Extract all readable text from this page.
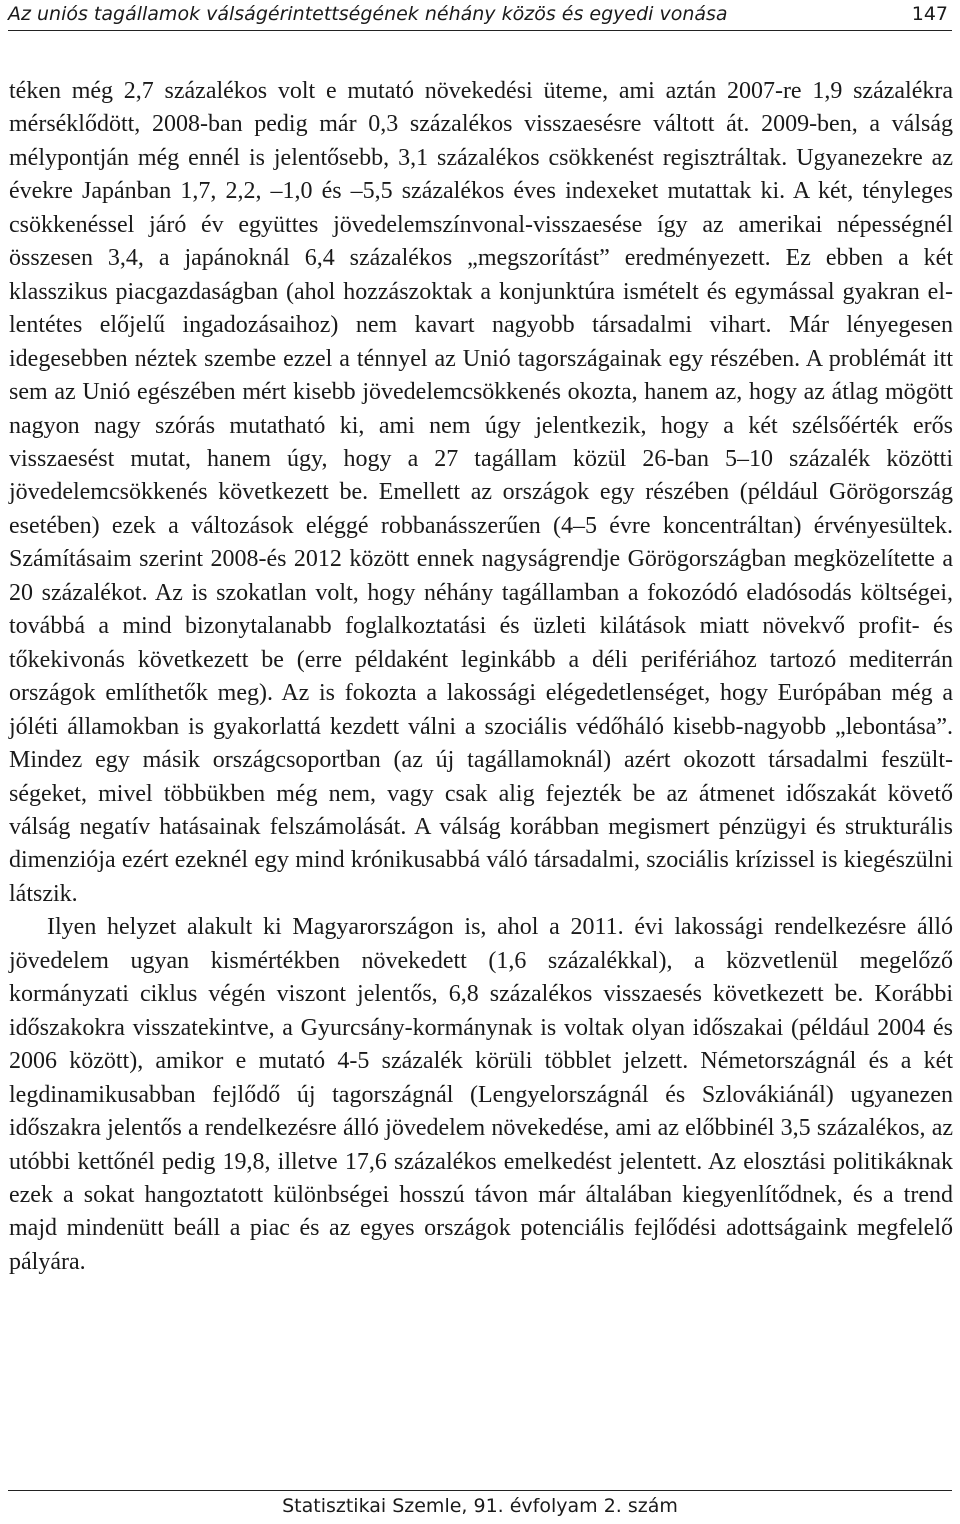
Az uniós tagállamok válságérintettségének néhány közös és egyedi vonása	147

téken még 2,7 százalékos volt e mutató növekedési üteme, ami aztán 2007-re 1,9 százalékra mérséklődött, 2008-ban pedig már 0,3 százalékos visszaesésre váltott át. 2009-ben, a válság mélypontján még ennél is jelentősebb, 3,1 százalékos csökkenést regisztráltak. Ugyanezekre az évekre Japánban 1,7, 2,2, –1,0 és –5,5 százalékos éves indexeket mutattak ki. A két, tényleges csökkenéssel járó év együttes jövedelemszínvonal-visszaesése így az amerikai népességnél összesen 3,4, a japánoknál 6,4 százalékos „megszorítást” eredményezett. Ez ebben a két klasszikus piacgazdaságban (ahol hozzászoktak a konjunktúra ismételt és egymással gyakran ellentétes előjelű ingadozásaihoz) nem kavart nagyobb társadalmi vihart. Már lényegesen idegesebben néztek szembe ezzel a ténnyel az Unió tagországainak egy részében. A problémát itt sem az Unió egészében mért kisebb jövedelemcsökkenés okozta, hanem az, hogy az átlag mögött nagyon nagy szórás mutatható ki, ami nem úgy jelentkezik, hogy a két szélsőérték erős visszaesést mutat, hanem úgy, hogy a 27 tagállam közül 26-ban 5–10 százalék közötti jövedelemcsökkenés következett be. Emellett az országok egy részében (például Görögország esetében) ezek a változások eléggé robbanásszerűen (4–5 évre koncentráltan) érvényesültek. Számításaim szerint 2008-és 2012 között ennek nagyságrendje Görögországban megközelítette a 20 százalékot. Az is szokatlan volt, hogy néhány tagállamban a fokozódó eladósodás költségei, továbbá a mind bizonytalanabb foglalkoztatási és üzleti kilátások miatt növekvő profit- és tőkekivonás következett be (erre példaként leginkább a déli perifériához tartozó mediterrán országok említhetők meg). Az is fokozta a lakossági elégedetlenséget, hogy Európában még a jóléti államokban is gyakorlattá kezdett válni a szociális védőháló kisebb-nagyobb „lebontása”. Mindez egy másik országcsoportban (az új tagállamoknál) azért okozott társadalmi feszültségeket, mivel többükben még nem, vagy csak alig fejezték be az átmenet időszakát követő válság negatív hatásainak felszámolását. A válság korábban megismert pénzügyi és strukturális dimenziója ezért ezeknél egy mind krónikusabbá váló társadalmi, szociális krízissel is kiegészülni látszik.

Ilyen helyzet alakult ki Magyarországon is, ahol a 2011. évi lakossági rendelkezésre álló jövedelem ugyan kismértékben növekedett (1,6 százalékkal), a közvetlenül megelőző kormányzati ciklus végén viszont jelentős, 6,8 százalékos visszaesés következett be. Korábbi időszakokra visszatekintve, a Gyurcsány-kormánynak is voltak olyan időszakai (például 2004 és 2006 között), amikor e mutató 4-5 százalék körüli többlet jelzett. Németországnál és a két legdinamikusabban fejlődő új tagországnál (Lengyelországnál és Szlovákiánál) ugyanezen időszakra jelentős a rendelkezésre álló jövedelem növekedése, ami az előbbinél 3,5 százalékos, az utóbbi kettőnél pedig 19,8, illetve 17,6 százalékos emelkedést jelentett. Az elosztási politikáknak ezek a sokat hangoztatott különbségei hosszú távon már általában kiegyenlítődnek, és a trend majd mindenütt beáll a piac és az egyes országok potenciális fejlődési adottságaink megfelelő pályára.

Statisztikai Szemle, 91. évfolyam 2. szám
